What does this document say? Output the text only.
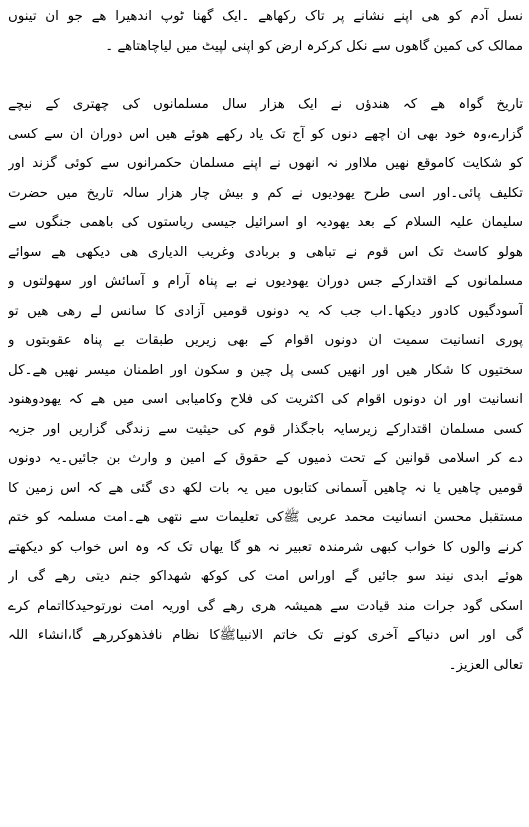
نسل آدم کو ھی اپنے نشانے پر تاک رکھاھے ۔ایک گھنا ٹوپ اندھیرا ھے جو ان تینوں
ممالک کی کمین گاھوں سے نکل کرکرہ ارض کو اپنی لپیٹ میں لیاچاھتاھے ۔
تاریخ گواہ ھے کہ ھندؤں نے ایک ھزار سال مسلمانوں کی چھتری کے نیچے
گزارے،وہ خود بھی ان اچھے دنوں کو آج تک یاد رکھے ھوئے ھیں اس دوران ان سے کسی
کو شکایت کاموقع نھیں ملااور نہ انھوں نے اپنے مسلمان حکمرانوں سے کوئی گزند اور
تکلیف پائی۔اور اسی طرح یھودیوں نے کم و بیش چار ھزار سالہ تاریخ میں حضرت
سلیمان علیہ السلام کے بعد یھودیہ او اسرائیل جیسی ریاستوں کی باھمی جنگوں سے
ھولو کاسٹ تک اس قوم نے تباھی و بربادی وغریب الدیاری ھی دیکھی ھے سوائے
مسلمانوں کے اقتدارکے جس دوران یھودیوں نے بے پناہ آرام و آسائش اور سھولتوں و
آسودگیوں کادور دیکھا۔اب جب کہ یہ دونوں قومیں آزادی کا سانس لے رھی ھیں تو
پوری انسانیت سمیت ان دونوں اقوام کے بھی زیریں طبقات بے پناہ عقوبتوں و
سختیوں کا شکار ھیں اور انھیں کسی پل چین و سکون اور اطمنان میسر نھیں ھے۔کل
انسانیت اور ان دونوں اقوام کی اکثریت کی فلاح وکامیابی اسی میں ھے کہ یھودوھنود
کسی مسلمان اقتدارکے زیرسایہ باجگذار قوم کی حیثیت سے زندگی گزاریں اور جزیہ
دے کر اسلامی قوانین کے تحت ذمیوں کے حقوق کے امین و وارث بن جائیں۔یہ دونوں
قومیں چاھیں یا نہ چاھیں آسمانی کتابوں میں یہ بات لکھ دی گئی ھے کہ اس زمین کا
مستقبل محسن انسانیت محمد عربی ﷺکی تعلیمات سے نتھی ھے۔امت مسلمہ کو ختم
کرنے والوں کا خواب کبھی شرمندہ تعبیر نہ ھو گا یھاں تک کہ وہ اس خواب کو دیکھتے
ھوئے ابدی نیند سو جائیں گے اوراس امت کی کوکھ شھداکو جنم دیتی رھے گی ار
اسکی گود جرات مند قیادت سے ھمیشہ ھری رھے گی اوریہ امت نورتوحیدکااتمام کرے
گی اور اس دنیاکے آخری کونے تک خاتم الانبیاﷺکا نظام نافذھوکررھے گا،انشاء اللہ
تعالی العزیز۔
